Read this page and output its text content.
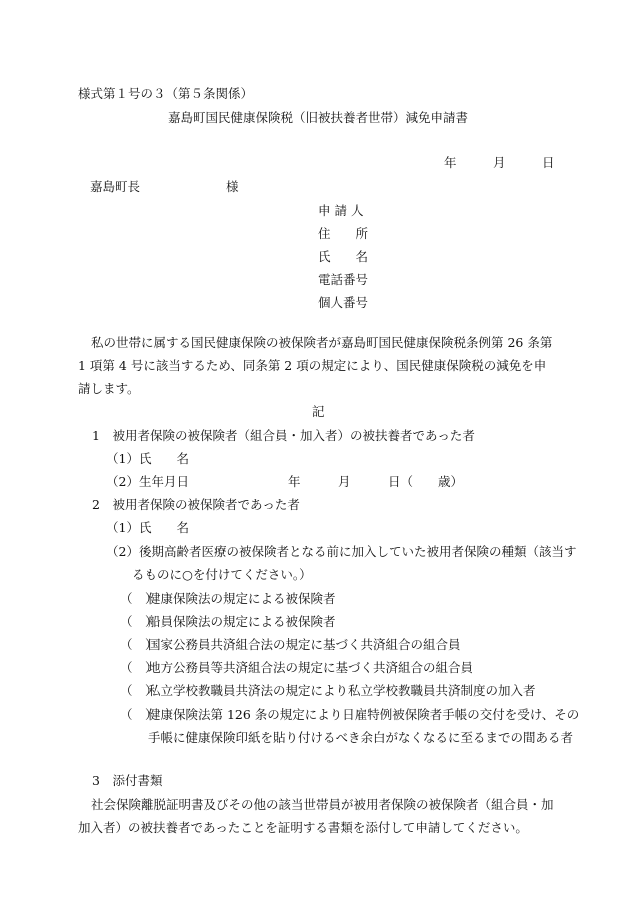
様式第１号の３（第５条関係）
嘉島町国民健康保険税（旧被扶養者世帯）減免申請書
年	月	日
嘉島町長	様
申 請 人
住　　所
氏　　名
電話番号
個人番号
私の世帯に属する国民健康保険の被保険者が嘉島町国民健康保険税条例第 26 条第 1 項第 4 号に該当するため、同条第 2 項の規定により、国民健康保険税の減免を申請します。
記
1　被用者保険の被保険者（組合員・加入者）の被扶養者であった者
（1）氏　　名
（2）生年月日	年	月	日（　　歳）
2　被用者保険の被保険者であった者
（1）氏　　名
（2）後期高齢者医療の被保険者となる前に加入していた被用者保険の種類（該当するものに○を付けてください。）
（　）健康保険法の規定による被保険者
（　）船員保険法の規定による被保険者
（　）国家公務員共済組合法の規定に基づく共済組合の組合員
（　）地方公務員等共済組合法の規定に基づく共済組合の組合員
（　）私立学校教職員共済法の規定により私立学校教職員共済制度の加入者
（　）健康保険法第 126 条の規定により日雇特例被保険者手帳の交付を受け、その手帳に健康保険印紙を貼り付けるべき余白がなくなるに至るまでの間ある者
3　添付書類
社会保険離脱証明書及びその他の該当世帯員が被用者保険の被保険者（組合員・加加入者）の被扶養者であったことを証明する書類を添付して申請してください。
